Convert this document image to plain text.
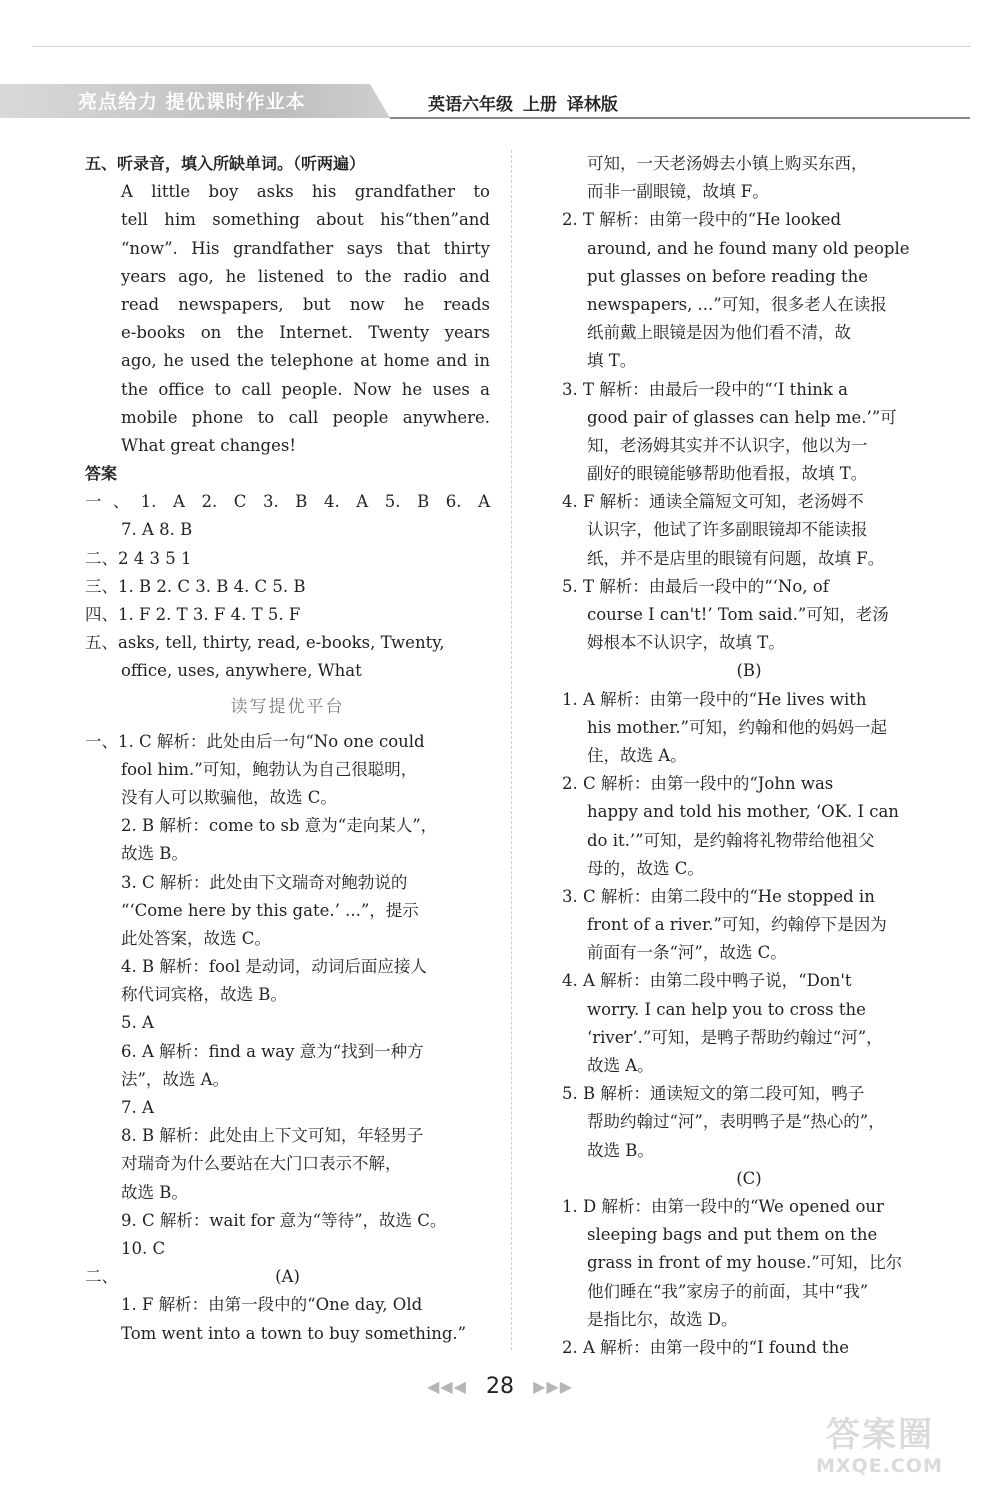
亮点给力 提优课时作业本	英语六年级 上册 译林版
五、听录音，填入所缺单词。（听两遍）
A little boy asks his grandfather to
tell him something about his“then”and
“now”. His grandfather says that thirty
years ago, he listened to the radio and
read newspapers, but now he reads
e-books on the Internet. Twenty years
ago, he used the telephone at home and in
the office to call people. Now he uses a
mobile phone to call people anywhere.
What great changes!
答案
一、1. A 2. C 3. B 4. A 5. B 6. A
7. A 8. B
二、2 4 3 5 1
三、1. B 2. C 3. B 4. C 5. B
四、1. F 2. T 3. F 4. T 5. F
五、asks, tell, thirty, read, e-books, Twenty,
office, uses, anywhere, What
读写提优平台
一、1. C 解析：此处由后一句“No one could
fool him.”可知，鲍勃认为自己很聪明，
没有人可以欺骗他，故选 C。
2. B 解析：come to sb 意为“走向某人”，
故选 B。
3. C 解析：此处由下文瑞奇对鲍勃说的
“‘Come here by this gate.’ ...”，提示
此处答案，故选 C。
4. B 解析：fool 是动词，动词后面应接人
称代词宾格，故选 B。
5. A
6. A 解析：find a way 意为“找到一种方
法”，故选 A。
7. A
8. B 解析：此处由上下文可知，年轻男子
对瑞奇为什么要站在大门口表示不解，
故选 B。
9. C 解析：wait for 意为“等待”，故选 C。
10. C
二、	(A)
1. F 解析：由第一段中的“One day, Old
Tom went into a town to buy something.”
可知，一天老汤姆去小镇上购买东西，
而非一副眼镜，故填 F。
2. T 解析：由第一段中的“He looked
around, and he found many old people
put glasses on before reading the
newspapers, ...”可知，很多老人在读报
纸前戴上眼镜是因为他们看不清，故
填 T。
3. T 解析：由最后一段中的“‘I think a
good pair of glasses can help me.’”可
知，老汤姆其实并不认识字，他以为一
副好的眼镜能够帮助他看报，故填 T。
4. F 解析：通读全篇短文可知，老汤姆不
认识字，他试了许多副眼镜却不能读报
纸，并不是店里的眼镜有问题，故填 F。
5. T 解析：由最后一段中的“‘No, of
course I can't!’ Tom said.”可知，老汤
姆根本不认识字，故填 T。
(B)
1. A 解析：由第一段中的“He lives with
his mother.”可知，约翰和他的妈妈一起
住，故选 A。
2. C 解析：由第一段中的“John was
happy and told his mother, ‘OK. I can
do it.’”可知，是约翰将礼物带给他祖父
母的，故选 C。
3. C 解析：由第二段中的“He stopped in
front of a river.”可知，约翰停下是因为
前面有一条“河”，故选 C。
4. A 解析：由第二段中鸭子说，“Don't
worry. I can help you to cross the
‘river’.”可知，是鸭子帮助约翰过“河”，
故选 A。
5. B 解析：通读短文的第二段可知，鸭子
帮助约翰过“河”，表明鸭子是“热心的”，
故选 B。
(C)
1. D 解析：由第一段中的“We opened our
sleeping bags and put them on the
grass in front of my house.”可知，比尔
他们睡在“我”家房子的前面，其中“我”
是指比尔，故选 D。
2. A 解析：由第一段中的“I found the
◀◀◀ 28 ▶▶▶
答案圈
MXQE.COM
